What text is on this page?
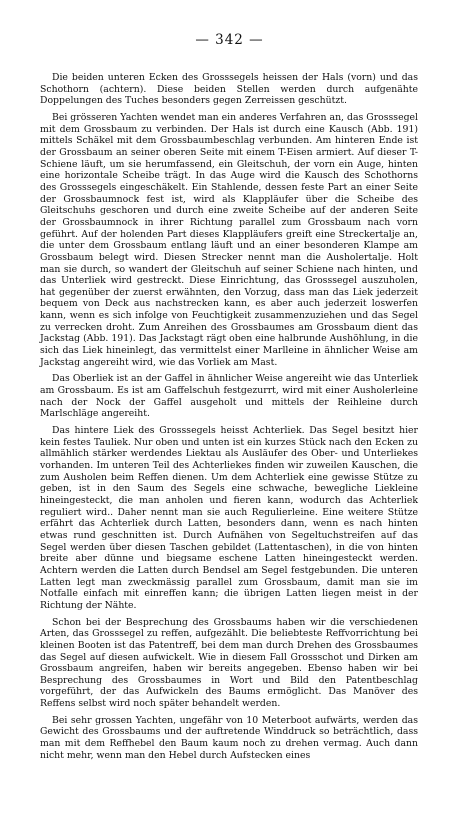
— 342 —

Die beiden unteren Ecken des Grosssegels heissen der Hals (vorn) und das Schothorn (achtern). Diese beiden Stellen werden durch aufgenähte Doppelungen des Tuches besonders gegen Zerreissen geschützt.

Bei grösseren Yachten wendet man ein anderes Verfahren an, das Grosssegel mit dem Grossbaum zu verbinden. Der Hals ist durch eine Kausch (Abb. 191) mittels Schäkel mit dem Grossbaumbeschlag verbunden. Am hinteren Ende ist der Grossbaum an seiner oberen Seite mit einem T-Eisen armiert. Auf dieser T-Schiene läuft, um sie herumfassend, ein Gleitschuh, der vorn ein Auge, hinten eine horizontale Scheibe trägt. In das Auge wird die Kausch des Schothorns des Grosssegels eingeschäkelt. Ein Stahlende, dessen feste Part an einer Seite der Grossbaumnock fest ist, wird als Klappläufer über die Scheibe des Gleitschuhs geschoren und durch eine zweite Scheibe auf der anderen Seite der Grossbaumnock in ihrer Richtung parallel zum Grossbaum nach vorn geführt. Auf der holenden Part dieses Klappläufers greift eine Streckertalje an, die unter dem Grossbaum entlang läuft und an einer besonderen Klampe am Grossbaum belegt wird. Diesen Strecker nennt man die Ausholertalje. Holt man sie durch, so wandert der Gleitschuh auf seiner Schiene nach hinten, und das Unterliek wird gestreckt. Diese Einrichtung, das Grosssegel auszuholen, hat gegenüber der zuerst erwähnten, den Vorzug, dass man das Liek jederzeit bequem von Deck aus nachstrecken kann, es aber auch jederzeit loswerfen kann, wenn es sich infolge von Feuchtigkeit zusammenzuziehen und das Segel zu verrecken droht. Zum Anreihen des Grossbaumes am Grossbaum dient das Jackstag (Abb. 191). Das Jackstagt rägt oben eine halbrunde Aushöhlung, in die sich das Liek hineinlegt, das vermittelst einer Marlleine in ähnlicher Weise am Jackstag angereiht wird, wie das Vorliek am Mast.

Das Oberliek ist an der Gaffel in ähnlicher Weise angereiht wie das Unterliek am Grossbaum. Es ist am Gaffelschuh festgezurrt, wird mit einer Ausholerleine nach der Nock der Gaffel ausgeholt und mittels der Reihleine durch Marlschläge angereiht.

Das hintere Liek des Grosssegels heisst Achterliek. Das Segel besitzt hier kein festes Tauliek. Nur oben und unten ist ein kurzes Stück nach den Ecken zu allmählich stärker werdendes Liektau als Ausläufer des Ober- und Unterliekes vorhanden. Im unteren Teil des Achterliekes finden wir zuweilen Kauschen, die zum Ausholen beim Reffen dienen. Um dem Achterliek eine gewisse Stütze zu geben, ist in den Saum des Segels eine schwache, bewegliche Liekleine hineingesteckt, die man anholen und fieren kann, wodurch das Achterliek reguliert wird.. Daher nennt man sie auch Regulierleine. Eine weitere Stütze erfährt das Achterliek durch Latten, besonders dann, wenn es nach hinten etwas rund geschnitten ist. Durch Aufnähen von Segeltuchstreifen auf das Segel werden über diesen Taschen gebildet (Lattentaschen), in die von hinten breite aber dünne und biegsame eschene Latten hineingesteckt werden. Achtern werden die Latten durch Bendsel am Segel festgebunden. Die unteren Latten legt man zweckmässig parallel zum Grossbaum, damit man sie im Notfalle einfach mit einreffen kann; die übrigen Latten liegen meist in der Richtung der Nähte.

Schon bei der Besprechung des Grossbaums haben wir die verschiedenen Arten, das Grosssegel zu reffen, aufgezählt. Die beliebteste Reffvorrichtung bei kleinen Booten ist das Patentreff, bei dem man durch Drehen des Grossbaumes das Segel auf diesen aufwickelt. Wie in diesem Fall Grossschot und Dirken am Grossbaum angreifen, haben wir bereits angegeben. Ebenso haben wir bei Besprechung des Grossbaumes in Wort und Bild den Patentbeschlag vorgeführt, der das Aufwickeln des Baums ermöglicht. Das Manöver des Reffens selbst wird noch später behandelt werden.

Bei sehr grossen Yachten, ungefähr von 10 Meterboot aufwärts, werden das Gewicht des Grossbaums und der auftretende Winddruck so beträchtlich, dass man mit dem Reffhebel den Baum kaum noch zu drehen vermag. Auch dann nicht mehr, wenn man den Hebel durch Aufstecken eines
